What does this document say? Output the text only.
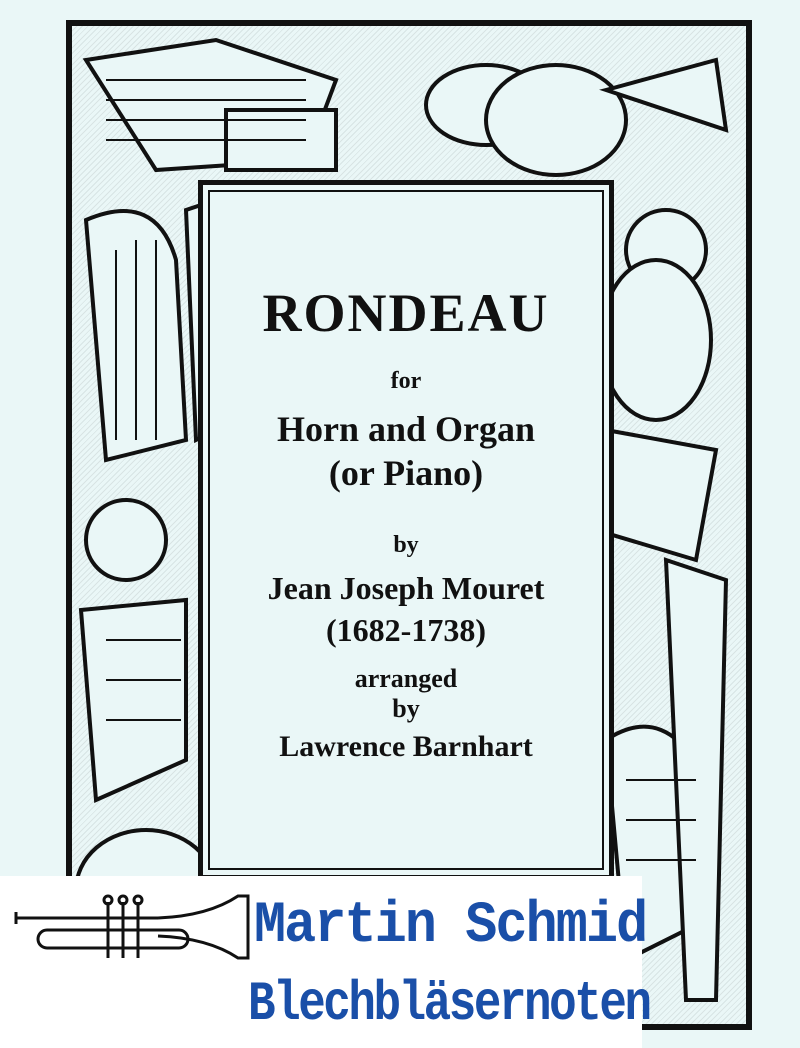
RONDEAU
for
Horn and Organ
(or Piano)
by
Jean Joseph Mouret
(1682-1738)
arranged
by
Lawrence Barnhart
Martin Schmid
Blechbläsernoten
